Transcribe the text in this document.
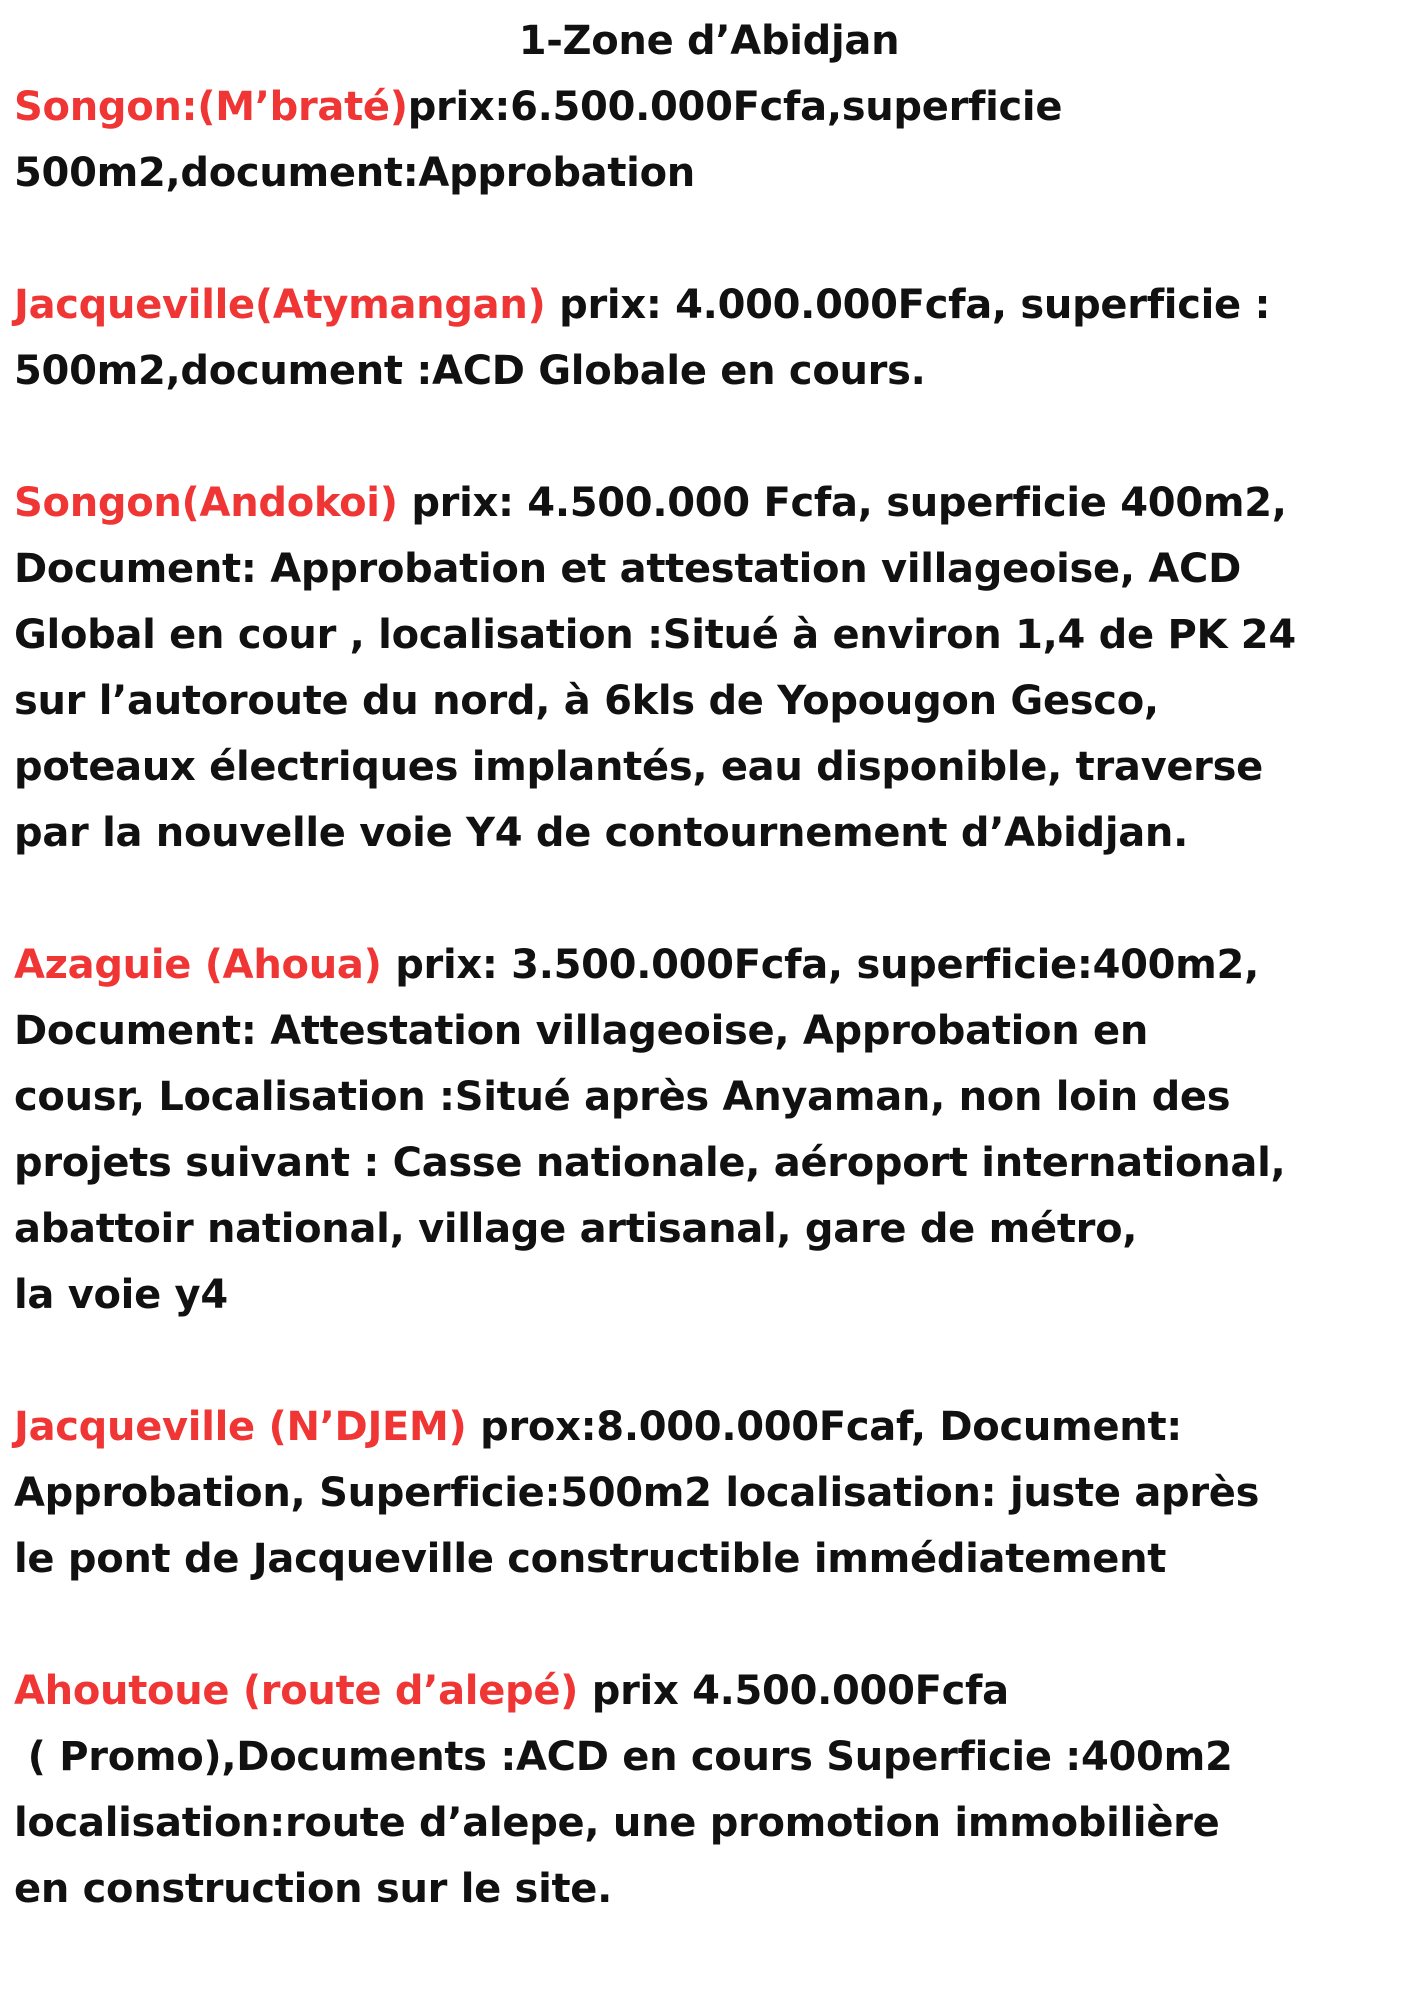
1-Zone d’Abidjan
Songon:(M’braté)prix:6.500.000Fcfa,superficie
500m2,document:Approbation
Jacqueville(Atymangan) prix: 4.000.000Fcfa, superficie :
500m2,document :ACD Globale en cours.
Songon(Andokoi) prix: 4.500.000 Fcfa, superficie 400m2,
Document: Approbation et attestation villageoise, ACD
Global en cour , localisation :Situé à environ 1,4 de PK 24
sur l’autoroute du nord, à 6kls de Yopougon Gesco,
poteaux électriques implantés, eau disponible, traverse
par la nouvelle voie Y4 de contournement d’Abidjan.
Azaguie (Ahoua) prix: 3.500.000Fcfa, superficie:400m2,
Document: Attestation villageoise, Approbation en
cousr, Localisation :Situé après Anyaman, non loin des
projets suivant : Casse nationale, aéroport international,
abattoir national, village artisanal, gare de métro,
la voie y4
Jacqueville (N’DJEM) prox:8.000.000Fcaf, Document:
Approbation, Superficie:500m2 localisation: juste après
le pont de Jacqueville constructible immédiatement
Ahoutoue (route d’alepé) prix 4.500.000Fcfa
( Promo),Documents :ACD en cours Superficie :400m2
localisation:route d’alepe, une promotion immobilière
en construction sur le site.
